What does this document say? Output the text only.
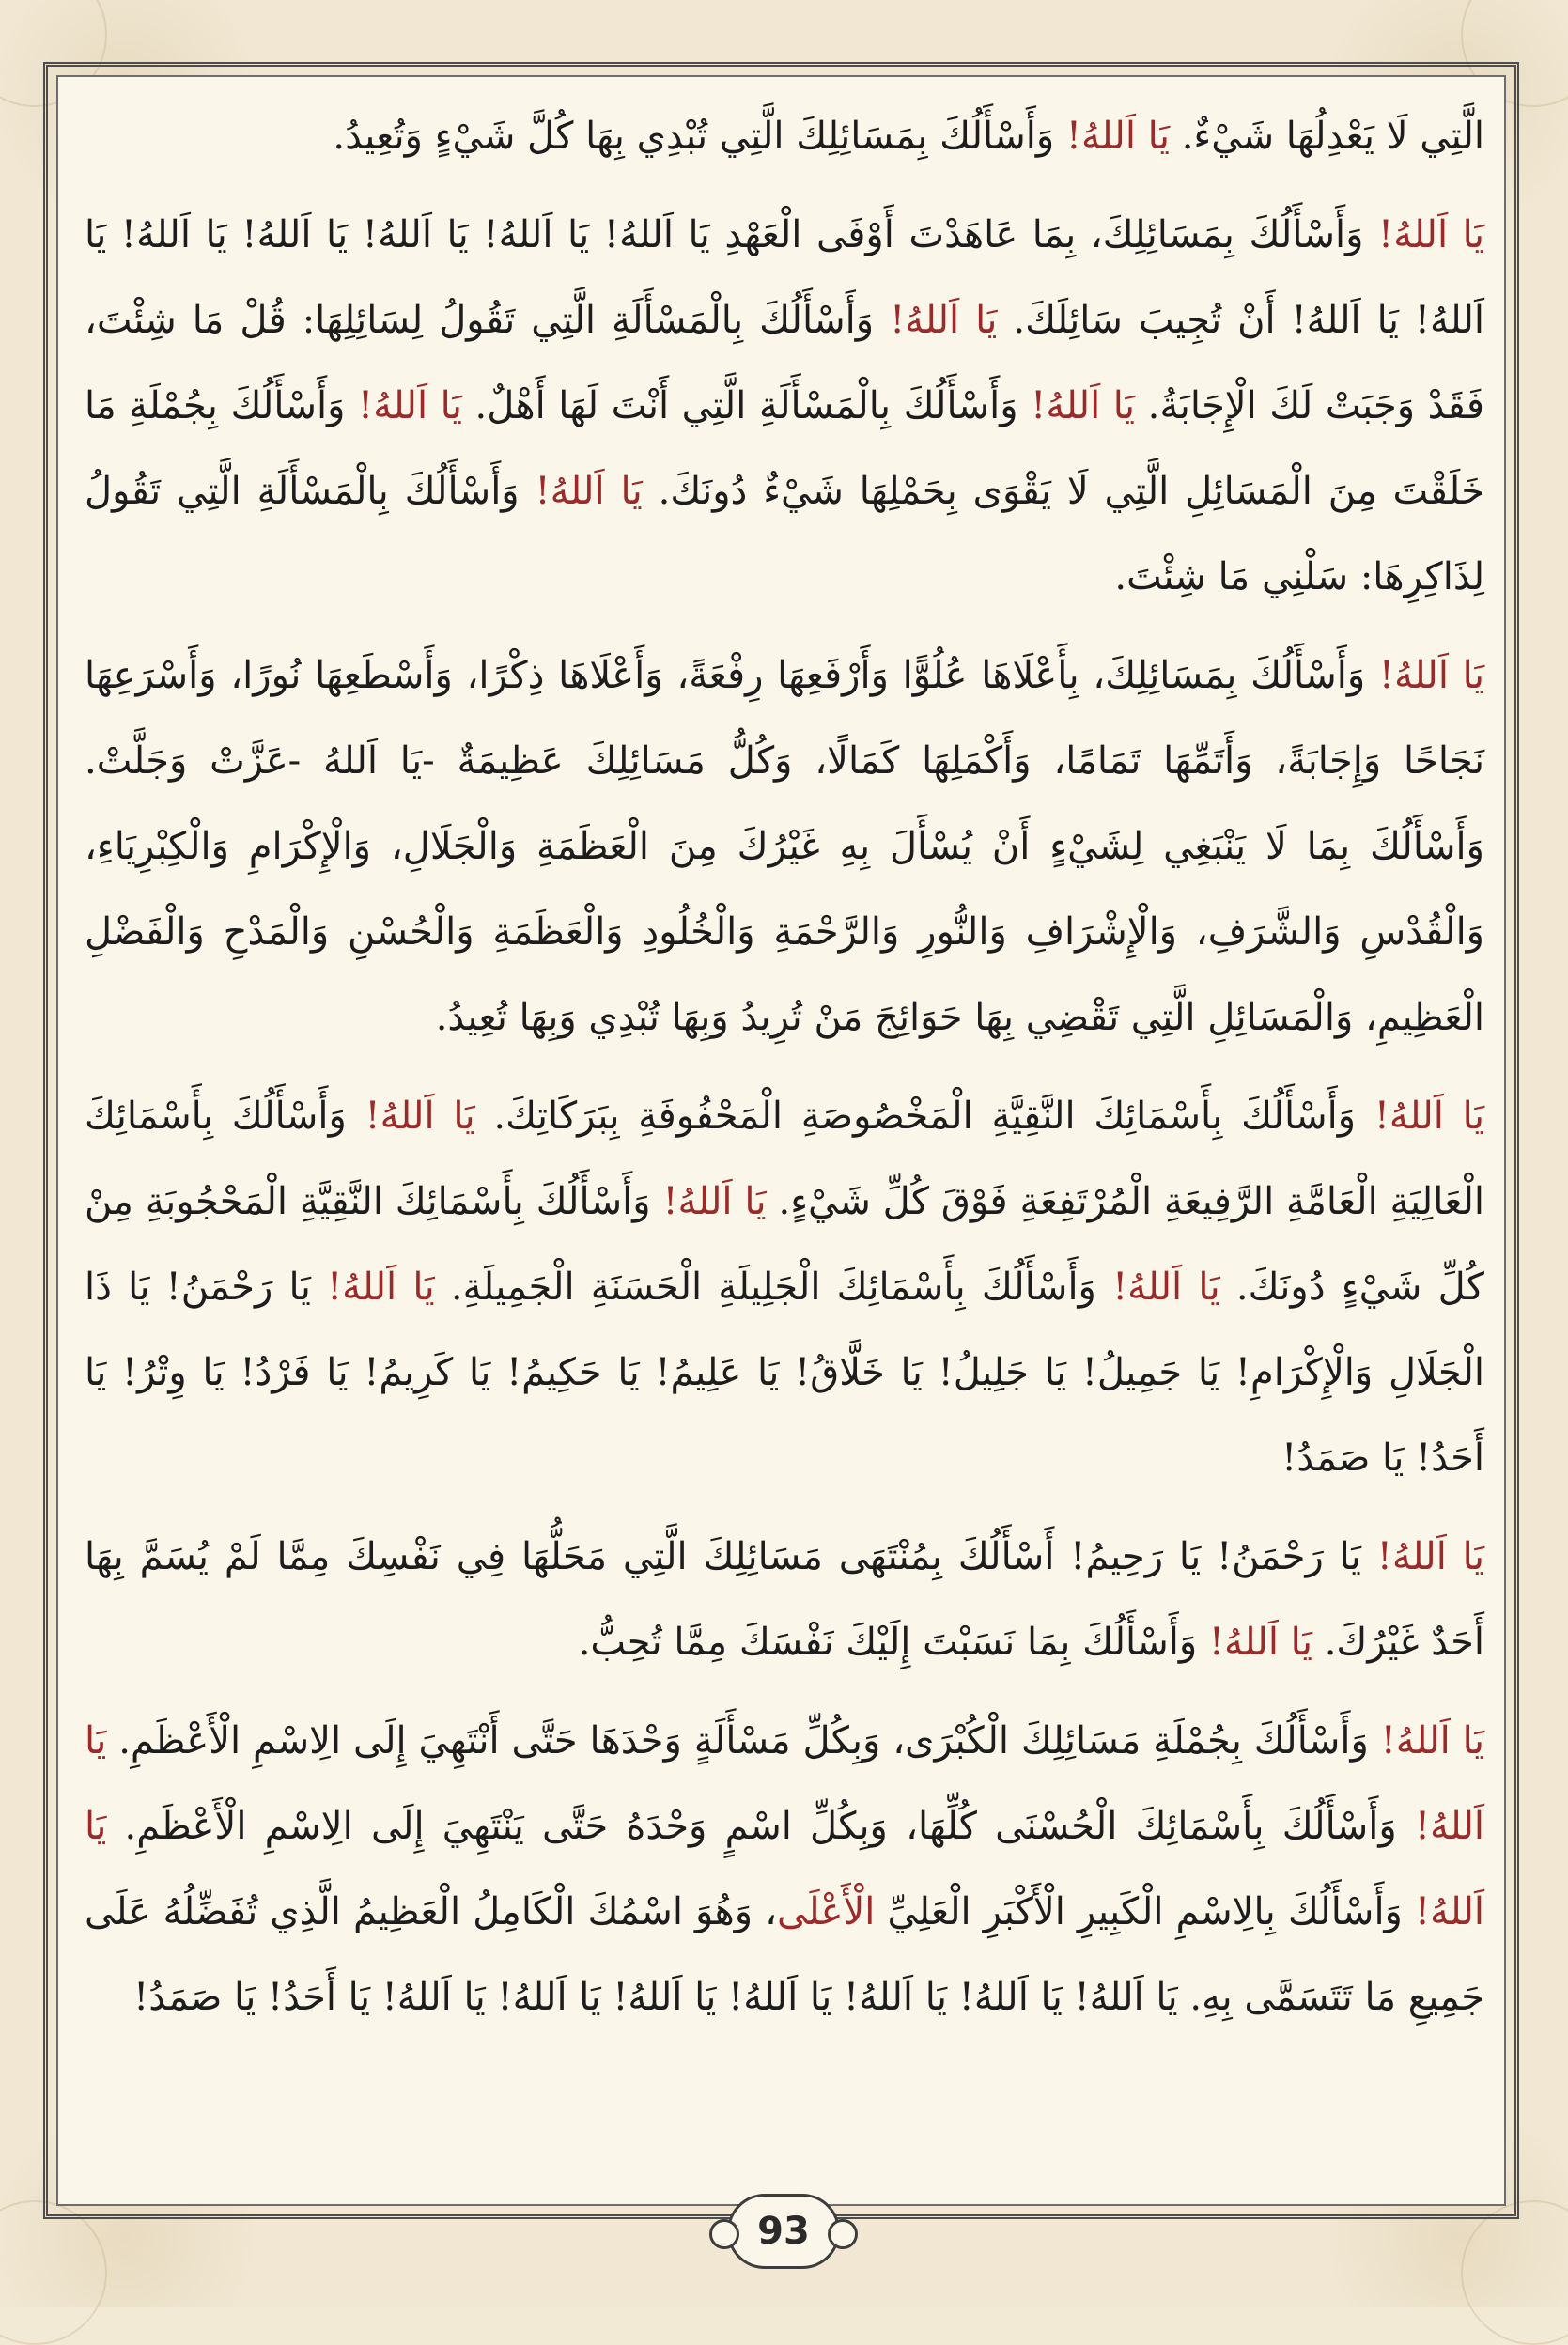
الَّتِي لَا يَعْدِلُهَا شَيْءٌ. يَا اَللهُ! وَأَسْأَلُكَ بِمَسَائِلِكَ الَّتِي تُبْدِي بِهَا كُلَّ شَيْءٍ وَتُعِيدُ.

يَا اَللهُ! وَأَسْأَلُكَ بِمَسَائِلِكَ، بِمَا عَاهَدْتَ أَوْفَى الْعَهْدِ يَا اَللهُ! يَا اَللهُ! يَا اَللهُ! يَا اَللهُ! يَا اَللهُ! يَا اَللهُ! يَا اَللهُ! أَنْ تُجِيبَ سَائِلَكَ. يَا اَللهُ! وَأَسْأَلُكَ بِالْمَسْأَلَةِ الَّتِي تَقُولُ لِسَائِلِهَا: قُلْ مَا شِئْتَ، فَقَدْ وَجَبَتْ لَكَ الْإِجَابَةُ. يَا اَللهُ! وَأَسْأَلُكَ بِالْمَسْأَلَةِ الَّتِي أَنْتَ لَهَا أَهْلٌ. يَا اَللهُ! وَأَسْأَلُكَ بِجُمْلَةِ مَا خَلَقْتَ مِنَ الْمَسَائِلِ الَّتِي لَا يَقْوَى بِحَمْلِهَا شَيْءٌ دُونَكَ. يَا اَللهُ! وَأَسْأَلُكَ بِالْمَسْأَلَةِ الَّتِي تَقُولُ لِذَاكِرِهَا: سَلْنِي مَا شِئْتَ.

يَا اَللهُ! وَأَسْأَلُكَ بِمَسَائِلِكَ، بِأَعْلَاهَا عُلُوًّا وَأَرْفَعِهَا رِفْعَةً، وَأَعْلَاهَا ذِكْرًا، وَأَسْطَعِهَا نُورًا، وَأَسْرَعِهَا نَجَاحًا وَإِجَابَةً، وَأَتَمِّهَا تَمَامًا، وَأَكْمَلِهَا كَمَالًا، وَكُلُّ مَسَائِلِكَ عَظِيمَةٌ -يَا اَللهُ -عَزَّتْ وَجَلَّتْ. وَأَسْأَلُكَ بِمَا لَا يَنْبَغِي لِشَيْءٍ أَنْ يُسْأَلَ بِهِ غَيْرُكَ مِنَ الْعَظَمَةِ وَالْجَلَالِ، وَالْإِكْرَامِ وَالْكِبْرِيَاءِ، وَالْقُدْسِ وَالشَّرَفِ، وَالْإِشْرَافِ وَالنُّورِ وَالرَّحْمَةِ وَالْخُلُودِ وَالْعَظَمَةِ وَالْحُسْنِ وَالْمَدْحِ وَالْفَضْلِ الْعَظِيمِ، وَالْمَسَائِلِ الَّتِي تَقْضِي بِهَا حَوَائِجَ مَنْ تُرِيدُ وَبِهَا تُبْدِي وَبِهَا تُعِيدُ.

يَا اَللهُ! وَأَسْأَلُكَ بِأَسْمَائِكَ النَّقِيَّةِ الْمَخْصُوصَةِ الْمَحْفُوفَةِ بِبَرَكَاتِكَ. يَا اَللهُ! وَأَسْأَلُكَ بِأَسْمَائِكَ الْعَالِيَةِ الْعَامَّةِ الرَّفِيعَةِ الْمُرْتَفِعَةِ فَوْقَ كُلِّ شَيْءٍ. يَا اَللهُ! وَأَسْأَلُكَ بِأَسْمَائِكَ النَّقِيَّةِ الْمَحْجُوبَةِ مِنْ كُلِّ شَيْءٍ دُونَكَ. يَا اَللهُ! وَأَسْأَلُكَ بِأَسْمَائِكَ الْجَلِيلَةِ الْحَسَنَةِ الْجَمِيلَةِ. يَا اَللهُ! يَا رَحْمَنُ! يَا ذَا الْجَلَالِ وَالْإِكْرَامِ! يَا جَمِيلُ! يَا جَلِيلُ! يَا خَلَّاقُ! يَا عَلِيمُ! يَا حَكِيمُ! يَا كَرِيمُ! يَا فَرْدُ! يَا وِتْرُ! يَا أَحَدُ! يَا صَمَدُ!

يَا اَللهُ! يَا رَحْمَنُ! يَا رَحِيمُ! أَسْأَلُكَ بِمُنْتَهَى مَسَائِلِكَ الَّتِي مَحَلُّهَا فِي نَفْسِكَ مِمَّا لَمْ يُسَمَّ بِهَا أَحَدٌ غَيْرُكَ. يَا اَللهُ! وَأَسْأَلُكَ بِمَا نَسَبْتَ إِلَيْكَ نَفْسَكَ مِمَّا تُحِبُّ.

يَا اَللهُ! وَأَسْأَلُكَ بِجُمْلَةِ مَسَائِلِكَ الْكُبْرَى، وَبِكُلِّ مَسْأَلَةٍ وَحْدَهَا حَتَّى أَنْتَهِيَ إِلَى الِاسْمِ الْأَعْظَمِ. يَا اَللهُ! وَأَسْأَلُكَ بِأَسْمَائِكَ الْحُسْنَى كُلِّهَا، وَبِكُلِّ اسْمٍ وَحْدَهُ حَتَّى يَنْتَهِيَ إِلَى الِاسْمِ الْأَعْظَمِ. يَا اَللهُ! وَأَسْأَلُكَ بِالِاسْمِ الْكَبِيرِ الْأَكْبَرِ الْعَلِيِّ الْأَعْلَى، وَهُوَ اسْمُكَ الْكَامِلُ الْعَظِيمُ الَّذِي تُفَضِّلُهُ عَلَى جَمِيعِ مَا تَتَسَمَّى بِهِ. يَا اَللهُ! يَا اَللهُ! يَا اَللهُ! يَا اَللهُ! يَا اَللهُ! يَا اَللهُ! يَا اَللهُ! يَا أَحَدُ! يَا صَمَدُ!

93
